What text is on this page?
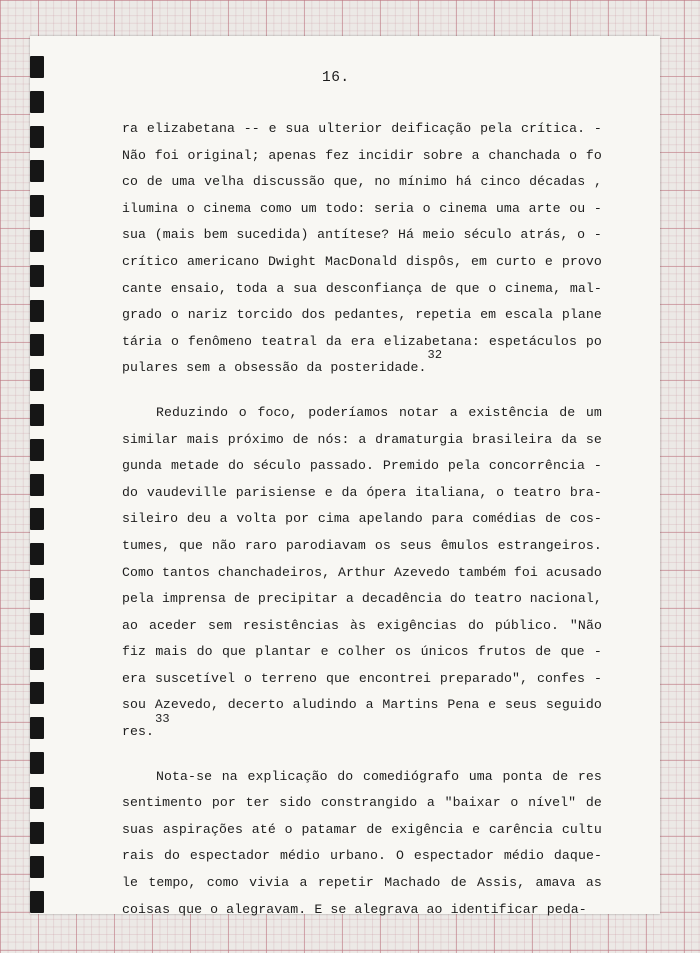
16.
ra elizabetana -- e sua ulterior deificação pela crítica. -
Não foi original; apenas fez incidir sobre a chanchada o fo
co de uma velha discussão que, no mínimo há cinco décadas ,
ilumina o cinema como um todo: seria o cinema uma arte ou -
sua (mais bem sucedida) antítese? Há meio século atrás, o -
crítico americano Dwight MacDonald dispôs, em curto e provo
cante ensaio, toda a sua desconfiança de que o cinema, mal-
grado o nariz torcido dos pedantes, repetia em escala plane
tária o fenômeno teatral da era elizabetana: espetáculos po
pulares sem a obsessão da posteridade.
32
Reduzindo o foco, poderíamos notar a existência de um
similar mais próximo de nós: a dramaturgia brasileira da se
gunda metade do século passado. Premido pela concorrência -
do vaudeville parisiense e da ópera italiana, o teatro bra-
sileiro deu a volta por cima apelando para comédias de cos-
tumes, que não raro parodiavam os seus êmulos estrangeiros.
Como tantos chanchadeiros, Arthur Azevedo também foi acusado
pela imprensa de precipitar a decadência do teatro nacional,
ao aceder sem resistências às exigências do público. "Não
fiz mais do que plantar e colher os únicos frutos de que -
era suscetível o terreno que encontrei preparado", confes -
sou Azevedo, decerto aludindo a Martins Pena e seus seguido
res.
33
Nota-se na explicação do comediógrafo uma ponta de res
sentimento por ter sido constrangido a "baixar o nível" de
suas aspirações até o patamar de exigência e carência cultu
rais do espectador médio urbano. O espectador médio daque-
le tempo, como vivia a repetir Machado de Assis, amava as
coisas que o alegravam. E se alegrava ao identificar peda-
